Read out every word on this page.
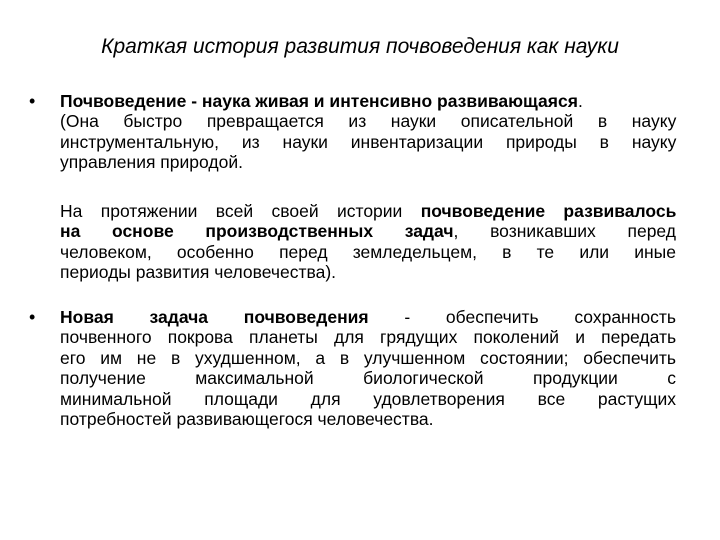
Краткая история развития почвоведения как науки
• Почвоведение - наука живая и интенсивно развивающаяся.
(Она быстро превращается из науки описательной в науку
инструментальную, из науки инвентаризации природы в науку
управления природой.
На протяжении всей своей истории почвоведение развивалось
на основе производственных задач, возникавших перед
человеком, особенно перед земледельцем, в те или иные
периоды развития человечества).
• Новая задача почвоведения - обеспечить сохранность
почвенного покрова планеты для грядущих поколений и передать
его им не в ухудшенном, а в улучшенном состоянии; обеспечить
получение максимальной биологической продукции с
минимальной площади для удовлетворения все растущих
потребностей развивающегося человечества.
